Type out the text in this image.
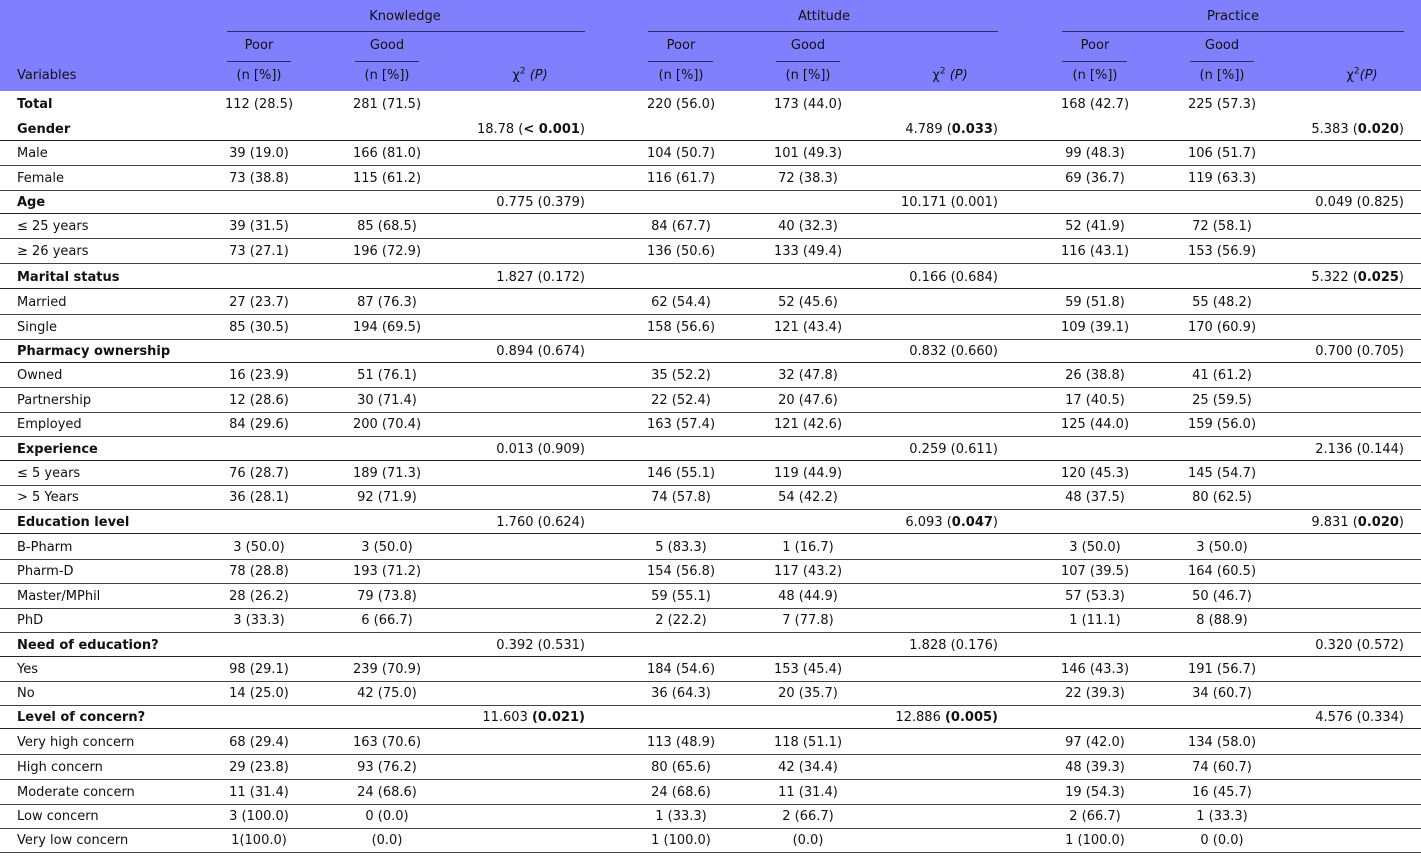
Knowledge	Attitude	Practice
Poor	Good	Poor	Good	Poor	Good
Variables	(n [%])	(n [%])	(n [%])	(n [%])	(n [%])	(n [%])
$\chi^2$ (P)	$\chi^2$ (P)	$\chi^2(P)$
Total	112 (28.5)	281 (71.5)	220 (56.0)	173 (44.0)	168 (42.7)	225 (57.3)
Gender	18.78 (< 0.001)	4.789 (0.033)	5.383 (0.020)
Male	39 (19.0)	166 (81.0)	104 (50.7)	101 (49.3)	99 (48.3)	106 (51.7)
Female	73 (38.8)	115 (61.2)	116 (61.7)	72 (38.3)	69 (36.7)	119 (63.3)
Age	0.775 (0.379)	10.171 (0.001)	0.049 (0.825)
≤ 25 years	39 (31.5)	85 (68.5)	84 (67.7)	40 (32.3)	52 (41.9)	72 (58.1)
≥ 26 years	73 (27.1)	196 (72.9)	136 (50.6)	133 (49.4)	116 (43.1)	153 (56.9)
Marital status	1.827 (0.172)	0.166 (0.684)	5.322 (0.025)
Married	27 (23.7)	87 (76.3)	62 (54.4)	52 (45.6)	59 (51.8)	55 (48.2)
Single	85 (30.5)	194 (69.5)	158 (56.6)	121 (43.4)	109 (39.1)	170 (60.9)
Pharmacy ownership	0.894 (0.674)	0.832 (0.660)	0.700 (0.705)
Owned	16 (23.9)	51 (76.1)	35 (52.2)	32 (47.8)	26 (38.8)	41 (61.2)
Partnership	12 (28.6)	30 (71.4)	22 (52.4)	20 (47.6)	17 (40.5)	25 (59.5)
Employed	84 (29.6)	200 (70.4)	163 (57.4)	121 (42.6)	125 (44.0)	159 (56.0)
Experience	0.013 (0.909)	0.259 (0.611)	2.136 (0.144)
≤ 5 years	76 (28.7)	189 (71.3)	146 (55.1)	119 (44.9)	120 (45.3)	145 (54.7)
> 5 Years	36 (28.1)	92 (71.9)	74 (57.8)	54 (42.2)	48 (37.5)	80 (62.5)
Education level	1.760 (0.624)	6.093 (0.047)	9.831 (0.020)
B-Pharm	3 (50.0)	3 (50.0)	5 (83.3)	1 (16.7)	3 (50.0)	3 (50.0)
Pharm-D	78 (28.8)	193 (71.2)	154 (56.8)	117 (43.2)	107 (39.5)	164 (60.5)
Master/MPhil	28 (26.2)	79 (73.8)	59 (55.1)	48 (44.9)	57 (53.3)	50 (46.7)
PhD	3 (33.3)	6 (66.7)	2 (22.2)	7 (77.8)	1 (11.1)	8 (88.9)
Need of education?	0.392 (0.531)	1.828 (0.176)	0.320 (0.572)
Yes	98 (29.1)	239 (70.9)	184 (54.6)	153 (45.4)	146 (43.3)	191 (56.7)
No	14 (25.0)	42 (75.0)	36 (64.3)	20 (35.7)	22 (39.3)	34 (60.7)
Level of concern?	11.603 (0.021)	12.886 (0.005)	4.576 (0.334)
Very high concern	68 (29.4)	163 (70.6)	113 (48.9)	118 (51.1)	97 (42.0)	134 (58.0)
High concern	29 (23.8)	93 (76.2)	80 (65.6)	42 (34.4)	48 (39.3)	74 (60.7)
Moderate concern	11 (31.4)	24 (68.6)	24 (68.6)	11 (31.4)	19 (54.3)	16 (45.7)
Low concern	3 (100.0)	0 (0.0)	1 (33.3)	2 (66.7)	2 (66.7)	1 (33.3)
Very low concern	1(100.0)	(0.0)	1 (100.0)	(0.0)	1 (100.0)	0 (0.0)
